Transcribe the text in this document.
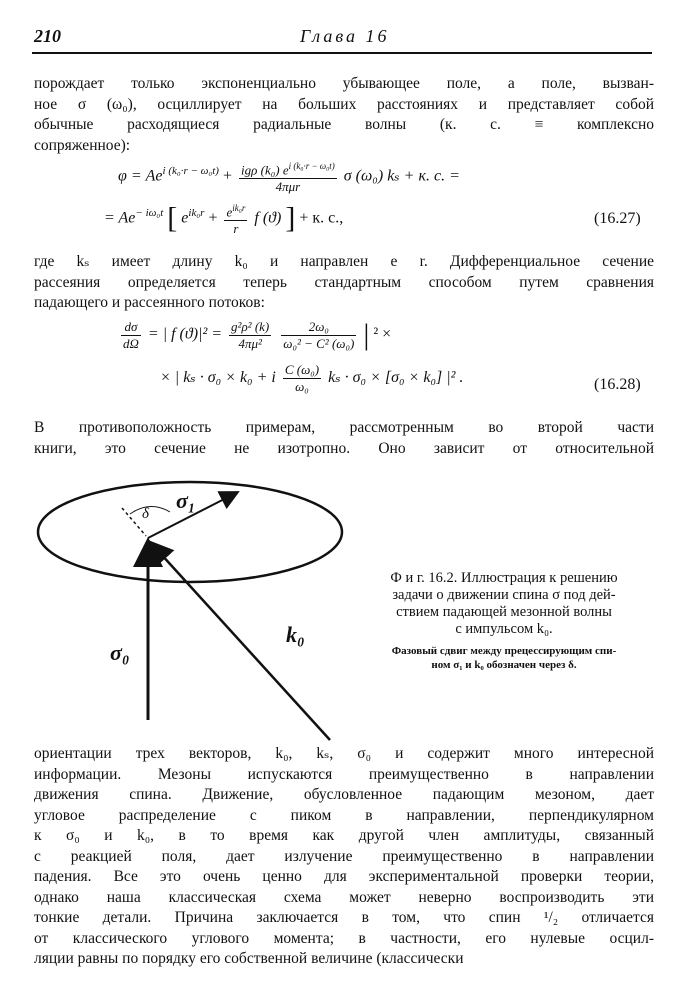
210	Глава 16
порождает только экспоненциально убывающее поле, а поле, вызван-
ное σ (ω₀), осциллирует на больших расстояниях и представляет собой
обычные расходящиеся радиальные волны (к. с. ≡ комплексно
сопряженное):
$\varphi = Ae^{i (k_0\cdot r - \omega_0t)} + \frac{ig\rho (k_0) e^{i (k_0\cdot r - \omega_0t)}}{\text{4πμr}}$ σ (ω₀) kₛ + к. с. =
= $Ae^{- i\omega_0t}$ [ $e^{ik_0r} + \frac{e^{ik_0r}}{r}$ f (ϑ) ] + к. с.,	(16.27)
где kₛ имеет длину k₀ и направлен е r. Дифференциальное сечение
рассеяния определяется теперь стандартным способом путем сравнения
падающего и рассеянного потоков:
$\frac{d\sigma}{d\Omega}$ = | f $(ϑ)|^2 = \frac{\text{g²ρ² (k)}}{\text{4πμ²}}$
$\frac{\text{2ω₀}}{\text{ω₀² − C² (ω₀)}}$ | ² ×
× | kₛ · σ₀ × k₀ + i $\frac{\text{C (ω₀)}}{\text{ω₀}}$ kₛ · σ₀ × [σ₀ × k₀] |² .	(16.28)
В противоположность примерам, рассмотренным во второй части
книги, это сечение не изотропно. Оно зависит от относительной
σ₁
δ
k₀
σ₀
Ф и г. 16.2. Иллюстрация к решению
задачи о движении спина σ под дей-
ствием падающей мезонной волны
с импульсом k₀.
Фазовый сдвиг между прецессирующим спи-
ном σ₁ и k₀ обозначен через δ.
ориентации трех векторов, k₀, kₛ, σ₀ и содержит много интересной
информации. Мезоны испускаются преимущественно в направлении
движения спина. Движение, обусловленное падающим мезоном, дает
угловое распределение с пиком в направлении, перпендикулярном
к σ₀ и k₀, в то время как другой член амплитуды, связанный
с реакцией поля, дает излучение преимущественно в направлении
падения. Все это очень ценно для экспериментальной проверки теории,
однако наша классическая схема может неверно воспроизводить эти
тонкие детали. Причина заключается в том, что спин ¹/₂ отличается
от классического углового момента; в частности, его нулевые осцил-
ляции равны по порядку его собственной величине (классически
